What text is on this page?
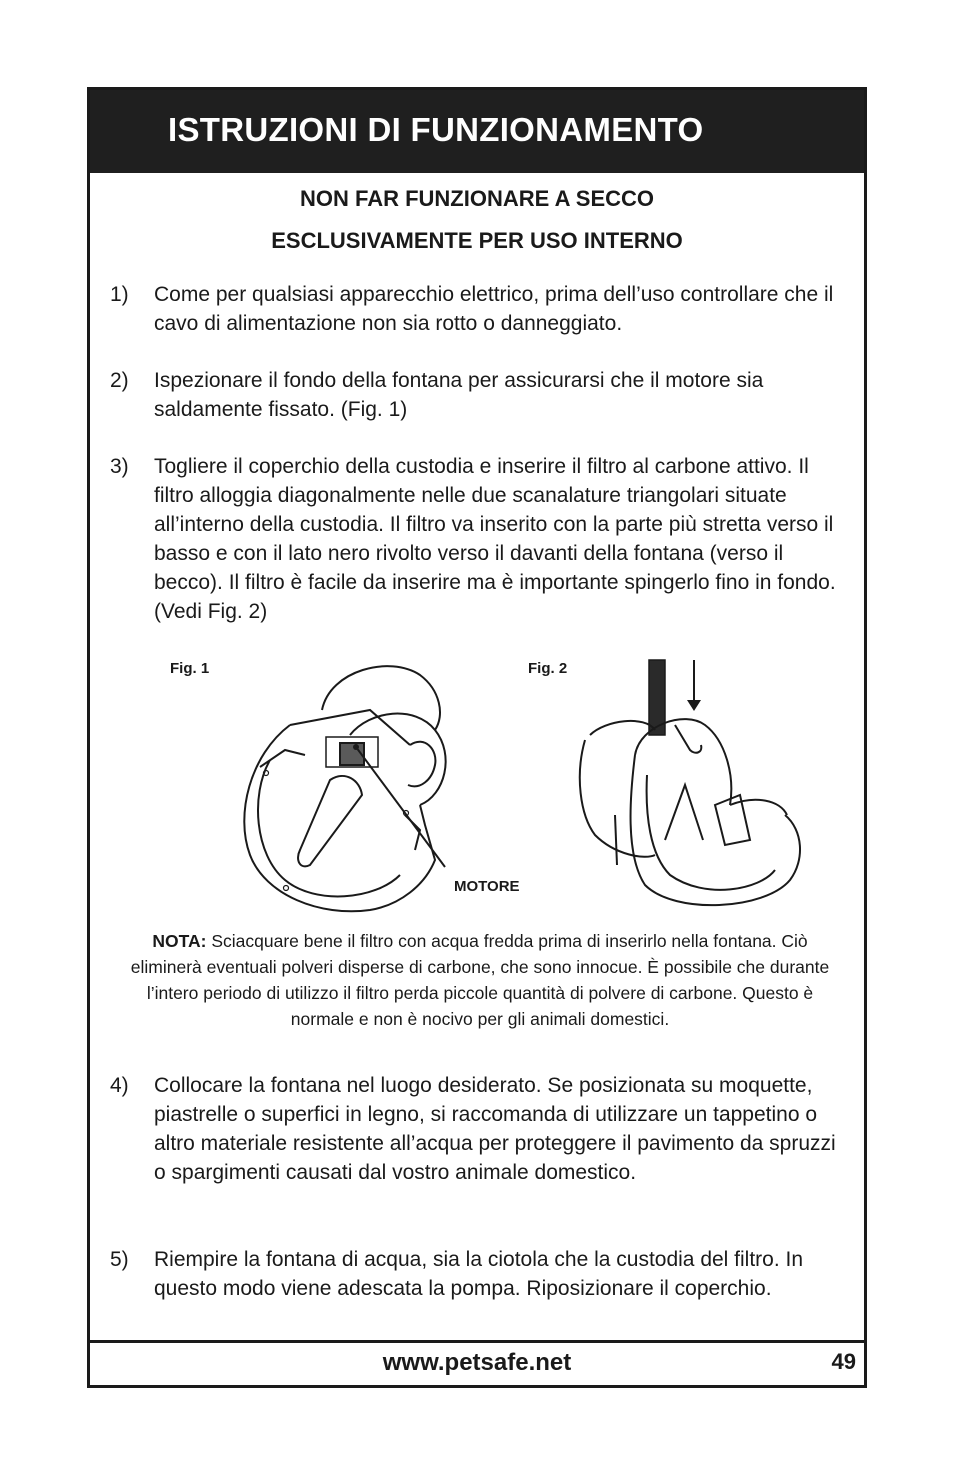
ISTRUZIONI DI FUNZIONAMENTO

NON FAR FUNZIONARE A SECCO

ESCLUSIVAMENTE PER USO INTERNO

1) Come per qualsiasi apparecchio elettrico, prima dell’uso controllare che il cavo di alimentazione non sia rotto o danneggiato.
2) Ispezionare il fondo della fontana per assicurarsi che il motore sia saldamente fissato. (Fig. 1)
3) Togliere il coperchio della custodia e inserire il filtro al carbone attivo. Il filtro alloggia diagonalmente nelle due scanalature triangolari situate all’interno della custodia. Il filtro va inserito con la parte più stretta verso il basso e con il lato nero rivolto verso il davanti della fontana (verso il becco). Il filtro è facile da inserire ma è importante spingerlo fino in fondo. (Vedi Fig. 2)
Fig. 1	Fig. 2
MOTORE
NOTA: Sciacquare bene il filtro con acqua fredda prima di inserirlo nella fontana. Ciò eliminerà eventuali polveri disperse di carbone, che sono innocue. È possibile che durante l’intero periodo di utilizzo il filtro perda piccole quantità di polvere di carbone. Questo è normale e non è nocivo per gli animali domestici.
4) Collocare la fontana nel luogo desiderato. Se posizionata su moquette, piastrelle o superfici in legno, si raccomanda di utilizzare un tappetino o altro materiale resistente all’acqua per proteggere il pavimento da spruzzi o spargimenti causati dal vostro animale domestico.
5) Riempire la fontana di acqua, sia la ciotola che la custodia del filtro. In questo modo viene adescata la pompa. Riposizionare il coperchio.
www.petsafe.net	49
